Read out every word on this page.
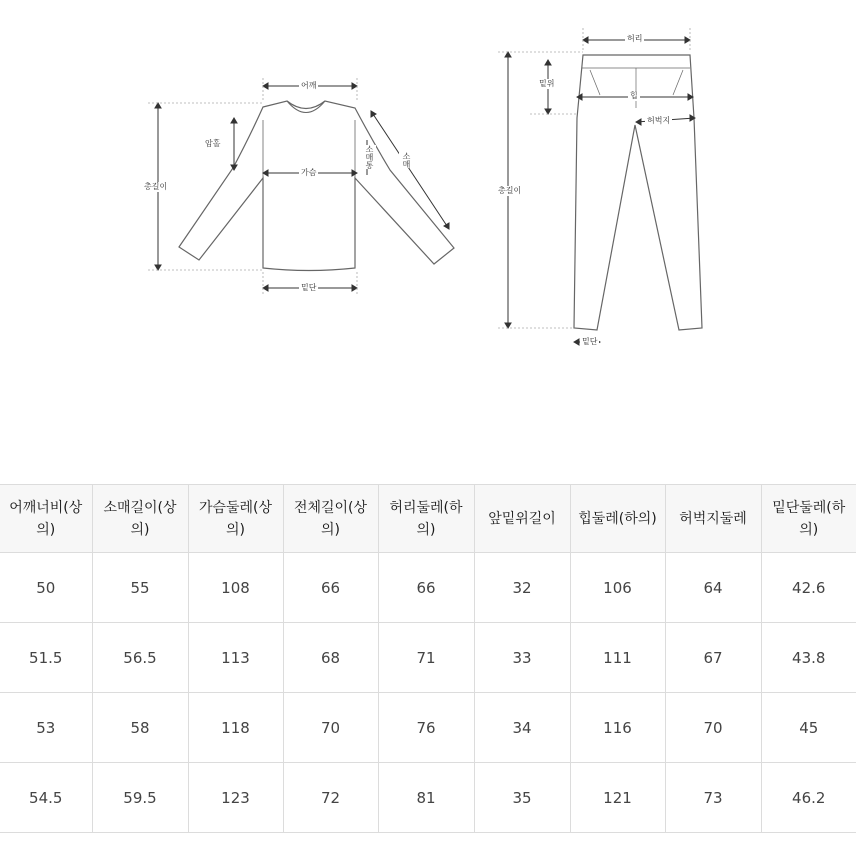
어깨
암홀
가슴
총길이
밑단
소매
소매통
허리
밑위
힙
허벅지
총길이
밑단
어깨너비(상
의)	소매길이(상
의)	가슴둘레(상
의)	전체길이(상
의)	허리둘레(하
의)	앞밑위길이	힙둘레(하의)	허벅지둘레	밑단둘레(하
의)
50	55	108	66	66	32	106	64	42.6
51.5	56.5	113	68	71	33	111	67	43.8
53	58	118	70	76	34	116	70	45
54.5	59.5	123	72	81	35	121	73	46.2
